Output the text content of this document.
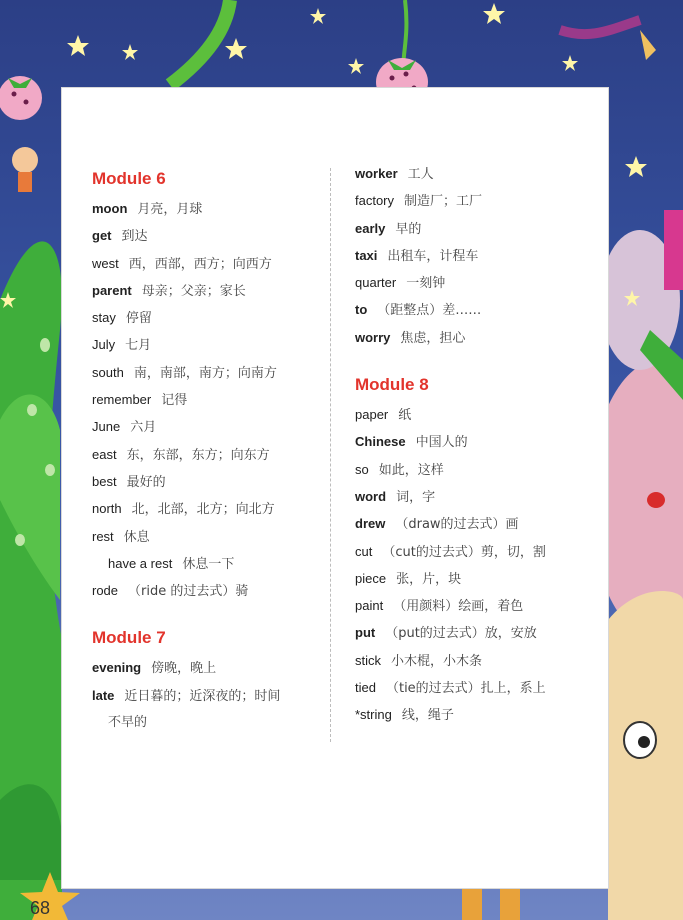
Module 6
moon 月亮，月球
get 到达
west 西，西部，西方；向西方
parent 母亲；父亲；家长
stay 停留
July 七月
south 南，南部，南方；向南方
remember 记得
June 六月
east 东，东部，东方；向东方
best 最好的
north 北，北部，北方；向北方
rest 休息
have a rest 休息一下
rode （ride 的过去式）骑
Module 7
evening 傍晚，晚上
late 近日暮的；近深夜的；时间
不早的
worker 工人
factory 制造厂；工厂
early 早的
taxi 出租车，计程车
quarter 一刻钟
to （距整点）差……
worry 焦虑，担心
Module 8
paper 纸
Chinese 中国人的
so 如此，这样
word 词，字
drew （draw的过去式）画
cut （cut的过去式）剪，切，割
piece 张，片，块
paint （用颜料）绘画，着色
put （put的过去式）放，安放
stick 小木棍，小木条
tied （tie的过去式）扎上，系上
*string 线，绳子
68
